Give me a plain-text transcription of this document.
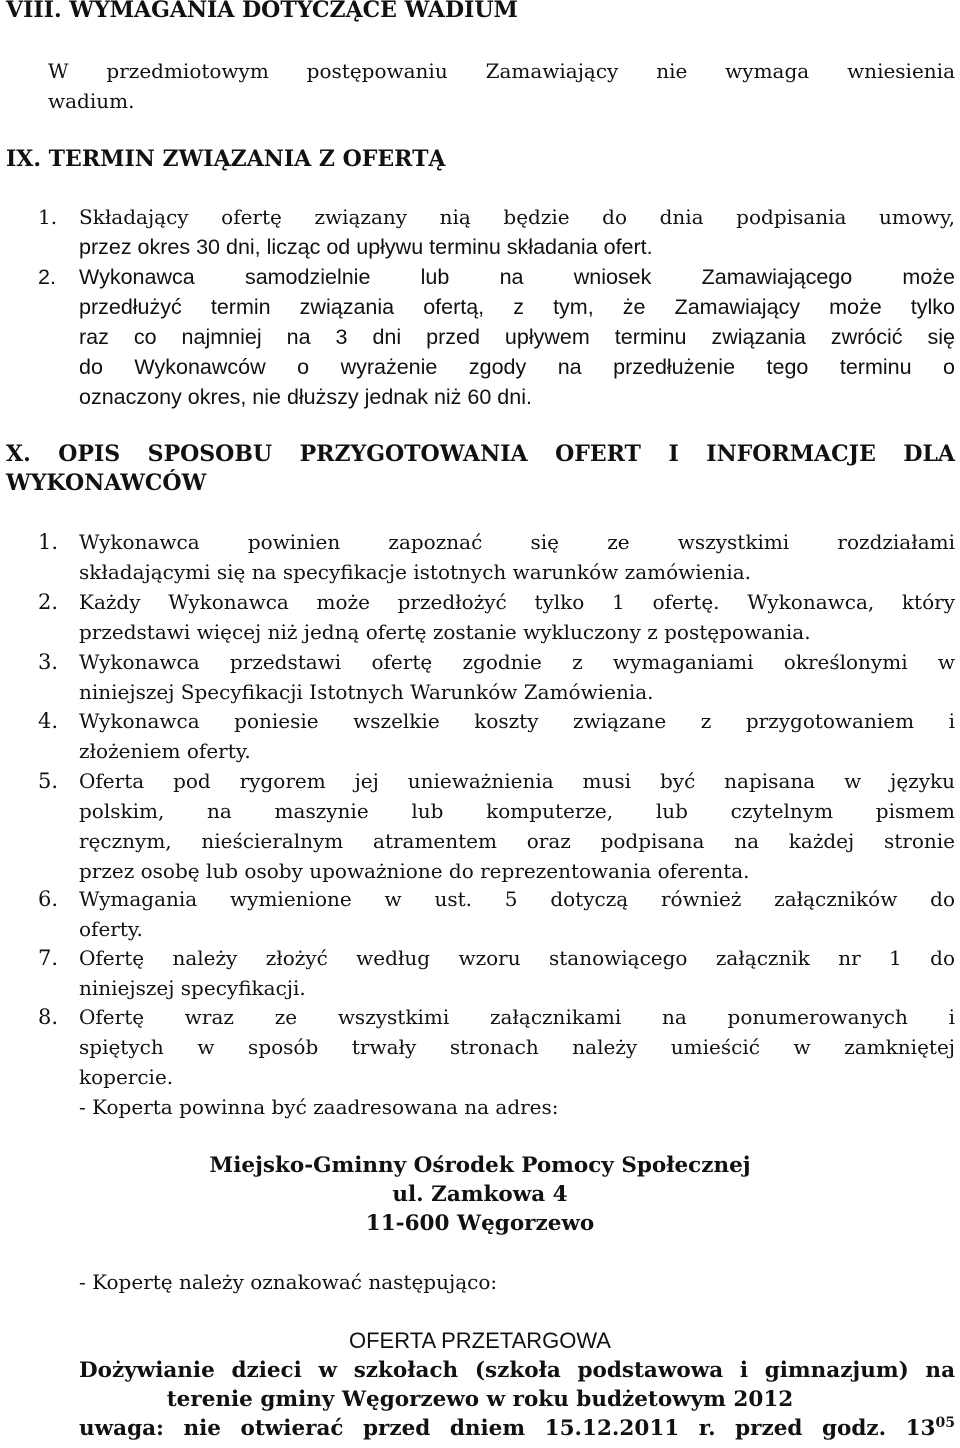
VIII. WYMAGANIA DOTYCZĄCE WADIUM
W przedmiotowym postępowaniu Zamawiający nie wymaga wniesienia
wadium.
IX. TERMIN ZWIĄZANIA Z OFERTĄ
1. Składający ofertę związany nią będzie do dnia podpisania umowy,
przez okres 30 dni, licząc od upływu terminu składania ofert.
2. Wykonawca samodzielnie lub na wniosek Zamawiającego może
przedłużyć termin związania ofertą, z tym, że Zamawiający może tylko
raz co najmniej na 3 dni przed upływem terminu związania zwrócić się
do Wykonawców o wyrażenie zgody na przedłużenie tego terminu o
oznaczony okres, nie dłuższy jednak niż 60 dni.
X. OPIS SPOSOBU PRZYGOTOWANIA OFERT I INFORMACJE DLA
WYKONAWCÓW
1. Wykonawca powinien zapoznać się ze wszystkimi rozdziałami
składającymi się na specyfikacje istotnych warunków zamówienia.
2. Każdy Wykonawca może przedłożyć tylko 1 ofertę. Wykonawca, który
przedstawi więcej niż jedną ofertę zostanie wykluczony z postępowania.
3. Wykonawca przedstawi ofertę zgodnie z wymaganiami określonymi w
niniejszej Specyfikacji Istotnych Warunków Zamówienia.
4. Wykonawca poniesie wszelkie koszty związane z przygotowaniem i
złożeniem oferty.
5. Oferta pod rygorem jej unieważnienia musi być napisana w języku
polskim, na maszynie lub komputerze, lub czytelnym pismem
ręcznym, nieścieralnym atramentem oraz podpisana na każdej stronie
przez osobę lub osoby upoważnione do reprezentowania oferenta.
6. Wymagania wymienione w ust. 5 dotyczą również załączników do
oferty.
7. Ofertę należy złożyć według wzoru stanowiącego załącznik nr 1 do
niniejszej specyfikacji.
8. Ofertę wraz ze wszystkimi załącznikami na ponumerowanych i
spiętych w sposób trwały stronach należy umieścić w zamkniętej
kopercie.
- Koperta powinna być zaadresowana na adres:
Miejsko-Gminny Ośrodek Pomocy Społecznej
ul. Zamkowa 4
11-600 Węgorzewo
- Kopertę należy oznakować następująco:
OFERTA PRZETARGOWA
Dożywianie dzieci w szkołach (szkoła podstawowa i gimnazjum) na
terenie gminy Węgorzewo w roku budżetowym 2012
uwaga: nie otwierać przed dniem 15.12.2011 r. przed godz. $13^{05}$
